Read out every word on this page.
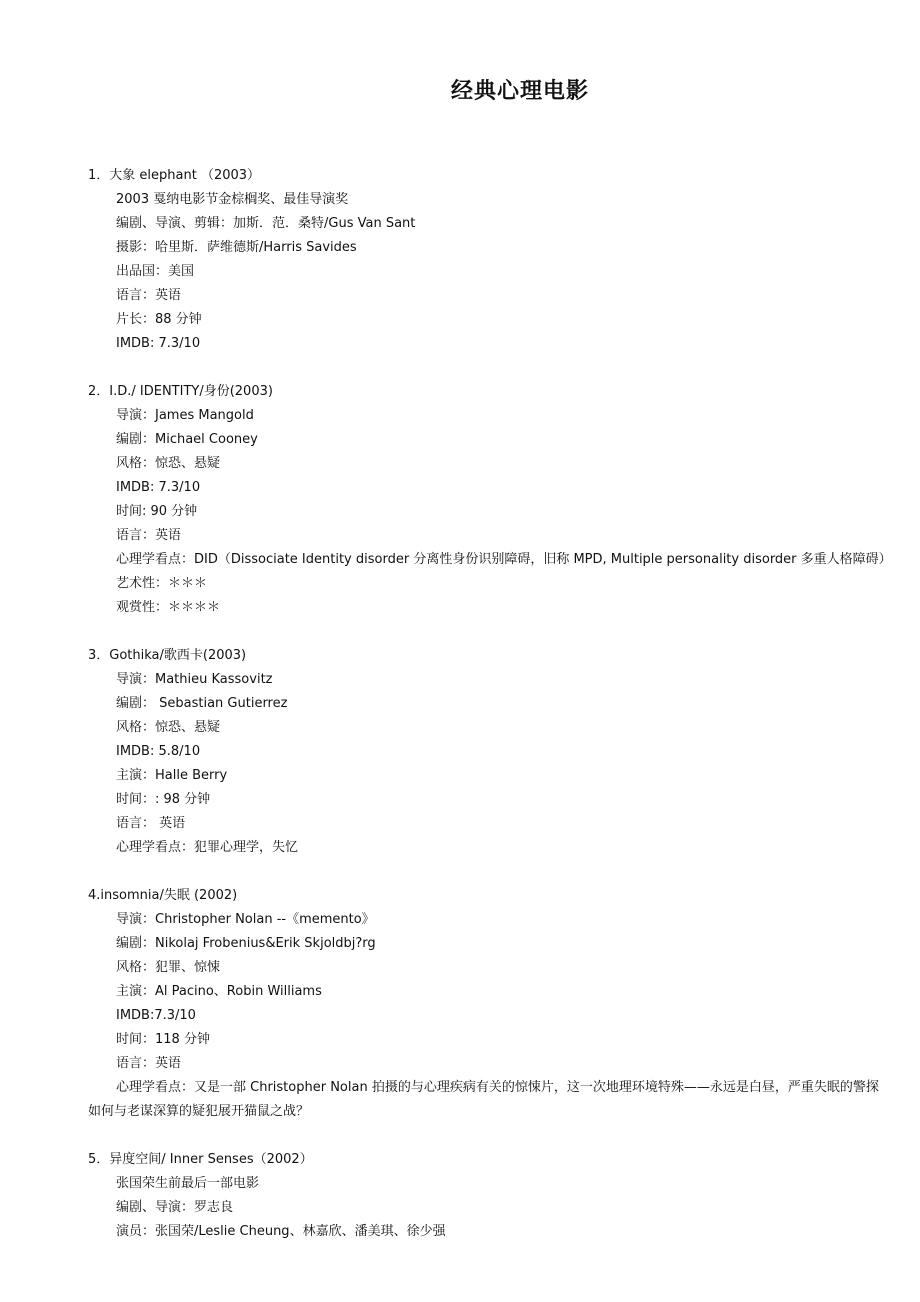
经典心理电影
1．大象 elephant （2003）
2003 戛纳电影节金棕榈奖、最佳导演奖
编剧、导演、剪辑：加斯．范．桑特/Gus Van Sant
摄影：哈里斯．萨维德斯/Harris Savides
出品国：美国
语言：英语
片长：88 分钟
IMDB: 7.3/10
2．I.D./ IDENTITY/身份(2003)
导演：James Mangold
编剧：Michael Cooney
风格：惊恐、悬疑
IMDB: 7.3/10
时间: 90 分钟
语言：英语
心理学看点：DID（Dissociate Identity disorder 分离性身份识别障碍，旧称 MPD, Multiple personality disorder 多重人格障碍）
艺术性：＊＊＊
观赏性：＊＊＊＊
3．Gothika/歌西卡(2003)
导演：Mathieu Kassovitz
编剧： Sebastian Gutierrez
风格：惊恐、悬疑
IMDB: 5.8/10
主演：Halle Berry
时间：: 98 分钟
语言： 英语
心理学看点：犯罪心理学，失忆
4.insomnia/失眠 (2002)
导演：Christopher Nolan --《memento》
编剧：Nikolaj Frobenius&Erik Skjoldbj?rg
风格：犯罪、惊悚
主演：Al Pacino、Robin Williams
IMDB:7.3/10
时间：118 分钟
语言：英语
心理学看点：又是一部 Christopher Nolan 拍摄的与心理疾病有关的惊悚片，这一次地理环境特殊——永远是白昼，严重失眠的警探如何与老谋深算的疑犯展开猫鼠之战？
5．异度空间/ Inner Senses（2002）
张国荣生前最后一部电影
编剧、导演：罗志良
演员：张国荣/Leslie Cheung、林嘉欣、潘美琪、徐少强
